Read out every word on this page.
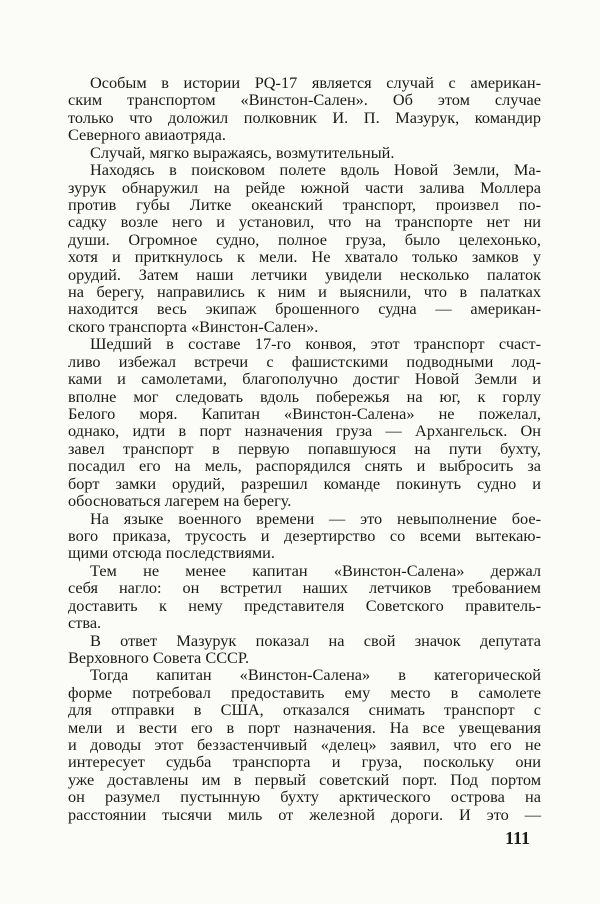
Особым в истории PQ-17 является случай с американ-
ским транспортом «Винстон-Сален». Об этом случае
только что доложил полковник И. П. Мазурук, командир
Северного авиаотряда.
Случай, мягко выражаясь, возмутительный.
Находясь в поисковом полете вдоль Новой Земли, Ма-
зурук обнаружил на рейде южной части залива Моллера
против губы Литке океанский транспорт, произвел по-
садку возле него и установил, что на транспорте нет ни
души. Огромное судно, полное груза, было целехонько,
хотя и приткнулось к мели. Не хватало только замков у
орудий. Затем наши летчики увидели несколько палаток
на берегу, направились к ним и выяснили, что в палатках
находится весь экипаж брошенного судна — американ-
ского транспорта «Винстон-Сален».
Шедший в составе 17-го конвоя, этот транспорт счаст-
ливо избежал встречи с фашистскими подводными лод-
ками и самолетами, благополучно достиг Новой Земли и
вполне мог следовать вдоль побережья на юг, к горлу
Белого моря. Капитан «Винстон-Салена» не пожелал,
однако, идти в порт назначения груза — Архангельск. Он
завел транспорт в первую попавшуюся на пути бухту,
посадил его на мель, распорядился снять и выбросить за
борт замки орудий, разрешил команде покинуть судно и
обосноваться лагерем на берегу.
На языке военного времени — это невыполнение бое-
вого приказа, трусость и дезертирство со всеми вытекаю-
щими отсюда последствиями.
Тем не менее капитан «Винстон-Салена» держал
себя нагло: он встретил наших летчиков требованием
доставить к нему представителя Советского правитель-
ства.
В ответ Мазурук показал на свой значок депутата
Верховного Совета СССР.
Тогда капитан «Винстон-Салена» в категорической
форме потребовал предоставить ему место в самолете
для отправки в США, отказался снимать транспорт с
мели и вести его в порт назначения. На все увещевания
и доводы этот беззастенчивый «делец» заявил, что его не
интересует судьба транспорта и груза, поскольку они
уже доставлены им в первый советский порт. Под портом
он разумел пустынную бухту арктического острова на
расстоянии тысячи миль от железной дороги. И это —
111
